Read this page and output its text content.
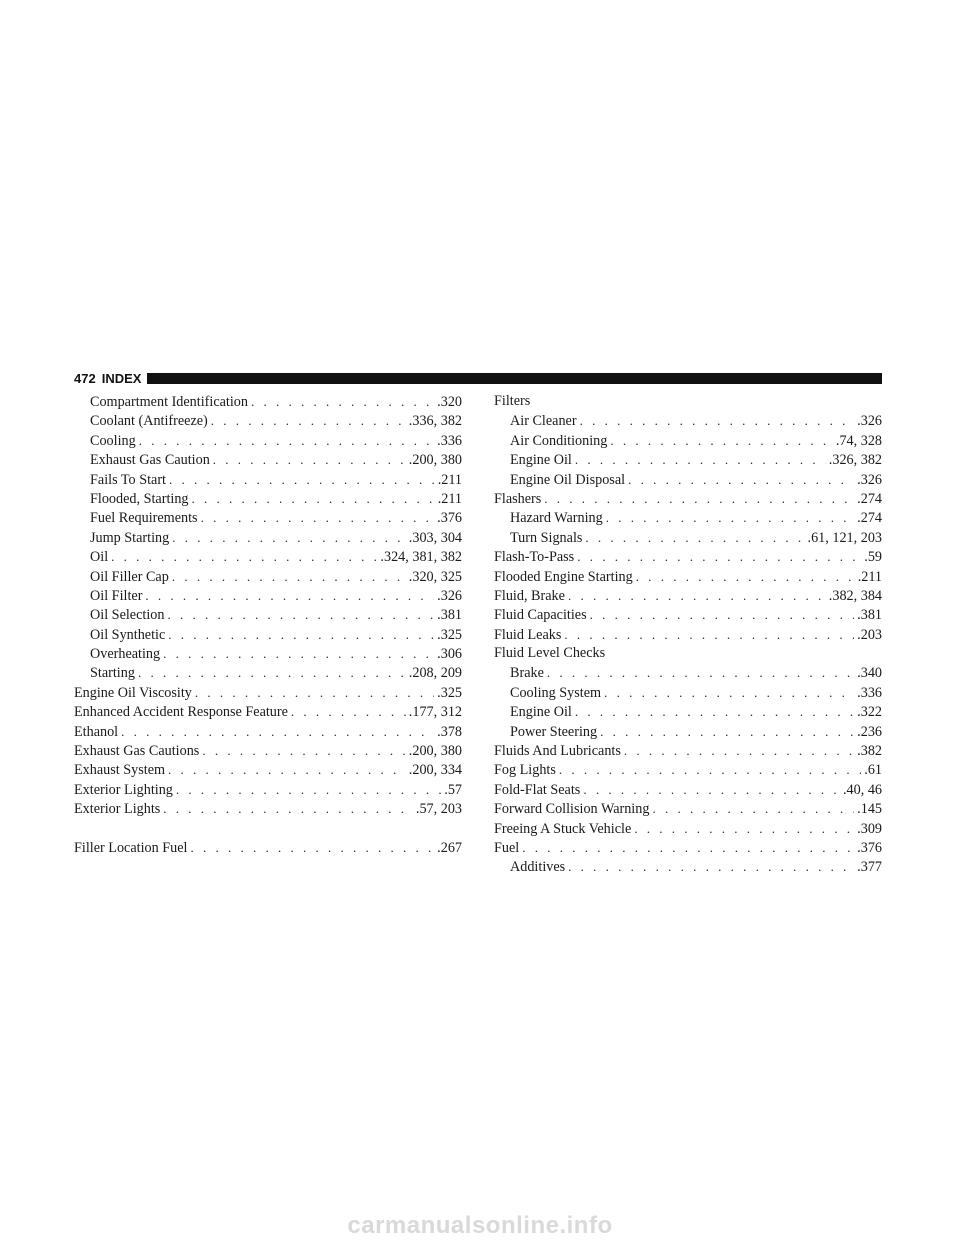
472 INDEX
Compartment Identification . . .	.320
Coolant (Antifreeze) . . .	.336, 382
Cooling . . .	.336
Exhaust Gas Caution . . .	.200, 380
Fails To Start . . .	.211
Flooded, Starting . . .	.211
Fuel Requirements . . .	.376
Jump Starting . . .	.303, 304
Oil . . .	.324, 381, 382
Oil Filler Cap . . .	.320, 325
Oil Filter . . .	.326
Oil Selection . . .	.381
Oil Synthetic . . .	.325
Overheating . . .	.306
Starting . . .	.208, 209
Engine Oil Viscosity . . .	.325
Enhanced Accident Response Feature . . .	.177, 312
Ethanol . . .	.378
Exhaust Gas Cautions . . .	.200, 380
Exhaust System . . .	.200, 334
Exterior Lighting . . .	.57
Exterior Lights . . .	.57, 203
Filler Location Fuel . . .	.267
Filters
Air Cleaner . . .	.326
Air Conditioning . . .	.74, 328
Engine Oil . . .	.326, 382
Engine Oil Disposal . . .	.326
Flashers . . .	.274
Hazard Warning . . .	.274
Turn Signals . . .	.61, 121, 203
Flash-To-Pass . . .	.59
Flooded Engine Starting . . .	.211
Fluid, Brake . . .	.382, 384
Fluid Capacities . . .	.381
Fluid Leaks . . .	.203
Fluid Level Checks
Brake . . .	.340
Cooling System . . .	.336
Engine Oil . . .	.322
Power Steering . . .	.236
Fluids And Lubricants . . .	.382
Fog Lights . . .	.61
Fold-Flat Seats . . .	.40, 46
Forward Collision Warning . . .	.145
Freeing A Stuck Vehicle . . .	.309
Fuel . . .	.376
Additives . . .	.377
carmanualsonline.info
